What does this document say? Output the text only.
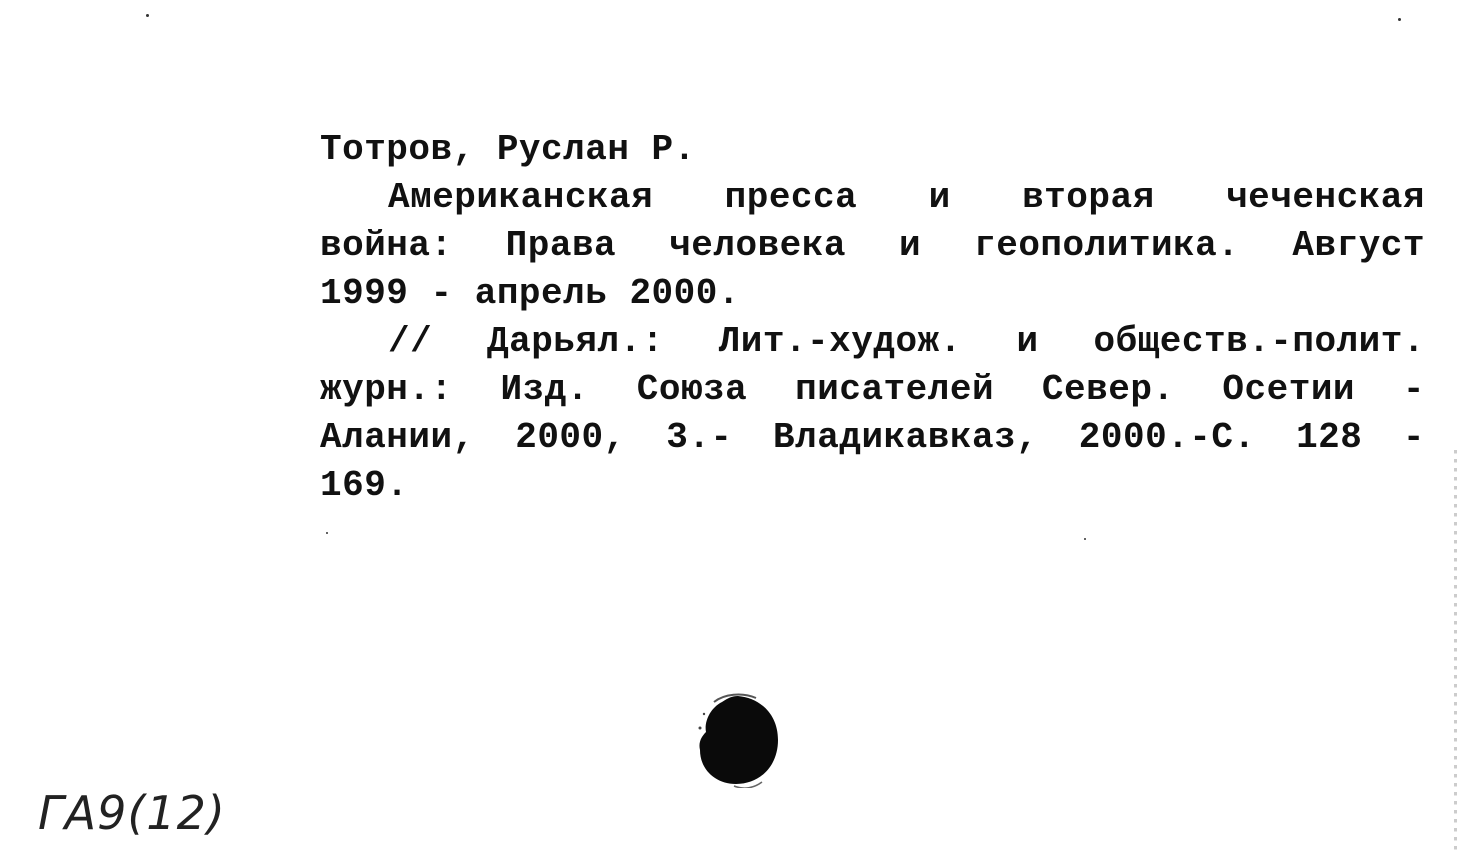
Тотров, Руслан Р.
Американская пресса и вторая чеченская
война: Права человека и геополитика. Август
1999 - апрель 2000.
// Дарьял.: Лит.-худож. и обществ.-полит.
журн.: Изд. Союза писателей Север. Осетии -
Алании, 2000, 3.- Владикавказ, 2000.-С. 128 -
169.
ГА9(12)
